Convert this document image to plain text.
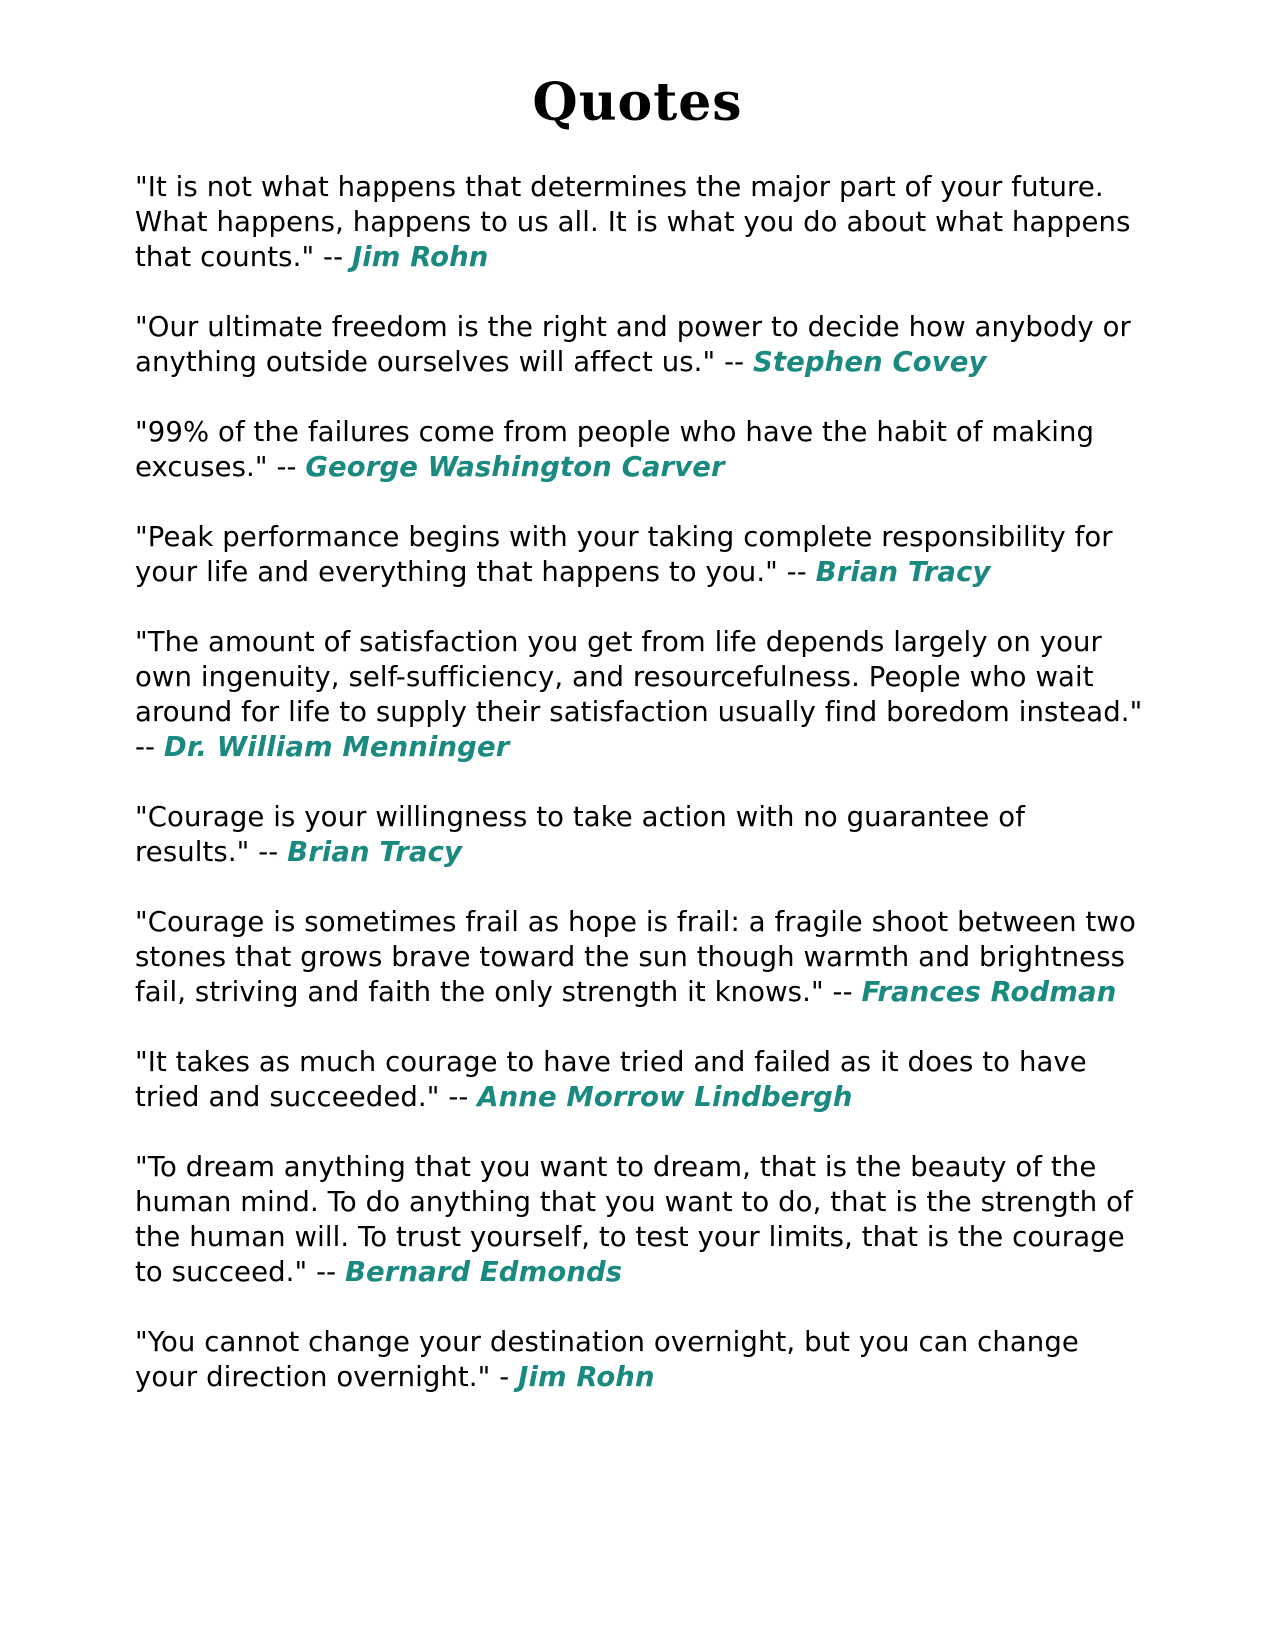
Quotes

"It is not what happens that determines the major part of your future. What happens, happens to us all. It is what you do about what happens that counts." -- Jim Rohn

"Our ultimate freedom is the right and power to decide how anybody or anything outside ourselves will affect us." -- Stephen Covey

"99% of the failures come from people who have the habit of making excuses." -- George Washington Carver

"Peak performance begins with your taking complete responsibility for your life and everything that happens to you." -- Brian Tracy

"The amount of satisfaction you get from life depends largely on your own ingenuity, self-sufficiency, and resourcefulness. People who wait around for life to supply their satisfaction usually find boredom instead." -- Dr. William Menninger

"Courage is your willingness to take action with no guarantee of results." -- Brian Tracy

"Courage is sometimes frail as hope is frail: a fragile shoot between two stones that grows brave toward the sun though warmth and brightness fail, striving and faith the only strength it knows." -- Frances Rodman

"It takes as much courage to have tried and failed as it does to have tried and succeeded." -- Anne Morrow Lindbergh

"To dream anything that you want to dream, that is the beauty of the human mind. To do anything that you want to do, that is the strength of the human will. To trust yourself, to test your limits, that is the courage to succeed." -- Bernard Edmonds

"You cannot change your destination overnight, but you can change your direction overnight." - Jim Rohn
